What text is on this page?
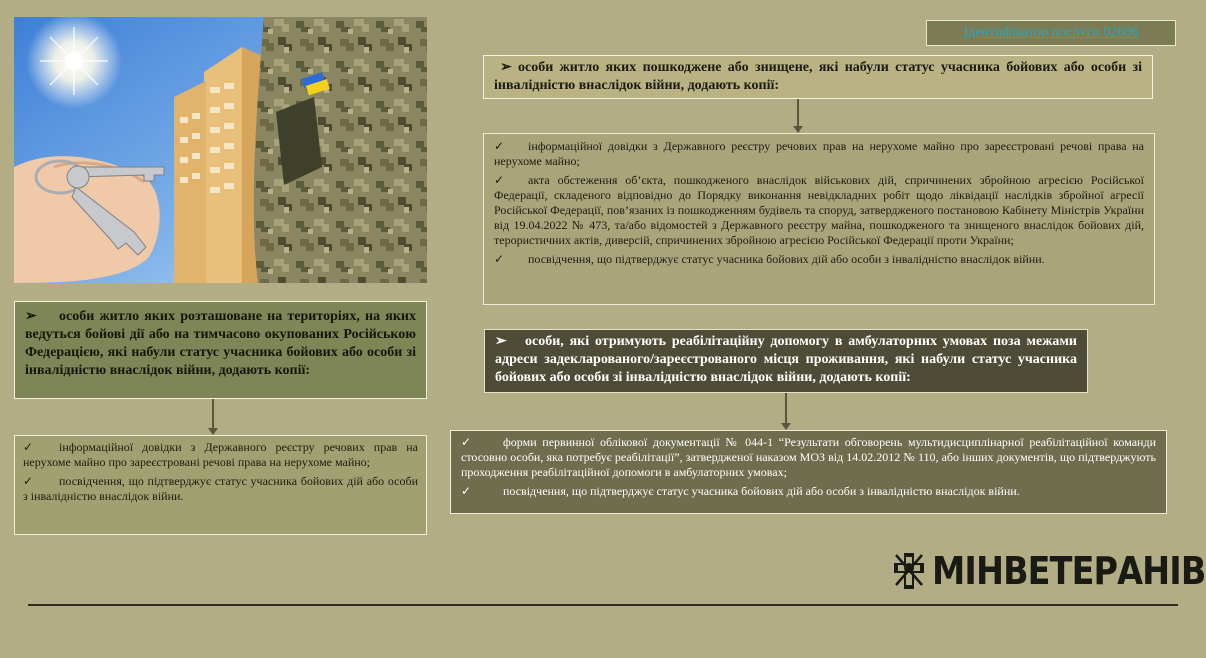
Ідентифікатор послуги 02606
➢ особи житло яких пошкоджене або знищене, які набули статус учасника бойових або особи зі інвалідністю внаслідок війни, додають копії:
✓ інформаційної довідки з Державного реєстру речових прав на нерухоме майно про зареєстровані речові права на нерухоме майно;
✓ акта обстеження об’єкта, пошкодженого внаслідок військових дій, спричинених збройною агресією Російської Федерації, складеного відповідно до Порядку виконання невідкладних робіт щодо ліквідації наслідків збройної агресії Російської Федерації, пов’язаних із пошкодженням будівель та споруд, затвердженого постановою Кабінету Міністрів України від 19.04.2022 № 473, та/або відомостей з Державного реєстру майна, пошкодженого та знищеного внаслідок бойових дій, терористичних актів, диверсій, спричинених збройною агресією Російської Федерації проти України;
✓ посвідчення, що підтверджує статус учасника бойових дій або особи з інвалідністю внаслідок війни.
➢ особи житло яких розташоване на територіях, на яких ведуться бойові дії або на тимчасово окупованих Російською Федерацією, які набули статус учасника бойових або особи зі інвалідністю внаслідок війни, додають копії:
✓ інформаційної довідки з Державного реєстру речових прав на нерухоме майно про зареєстровані речові права на нерухоме майно;
✓ посвідчення, що підтверджує статус учасника бойових дій або особи з інвалідністю внаслідок війни.
➢ особи, які отримують реабілітаційну допомогу в амбулаторних умовах поза межами адреси задекларованого/зареєстрованого місця проживання, які набули статус учасника бойових або особи зі інвалідністю внаслідок війни, додають копії:
✓	форми первинної облікової документації № 044-1 “Результати обговорень мультидисциплінарної реабілітаційної команди стосовно особи, яка потребує реабілітації”, затвердженої наказом МОЗ від 14.02.2012 № 110, або інших документів, що підтверджують проходження реабілітаційної допомоги в амбулаторних умовах;
✓	посвідчення, що підтверджує статус учасника бойових дій або особи з інвалідністю внаслідок війни.
МІНВЕТЕРАНІВ
